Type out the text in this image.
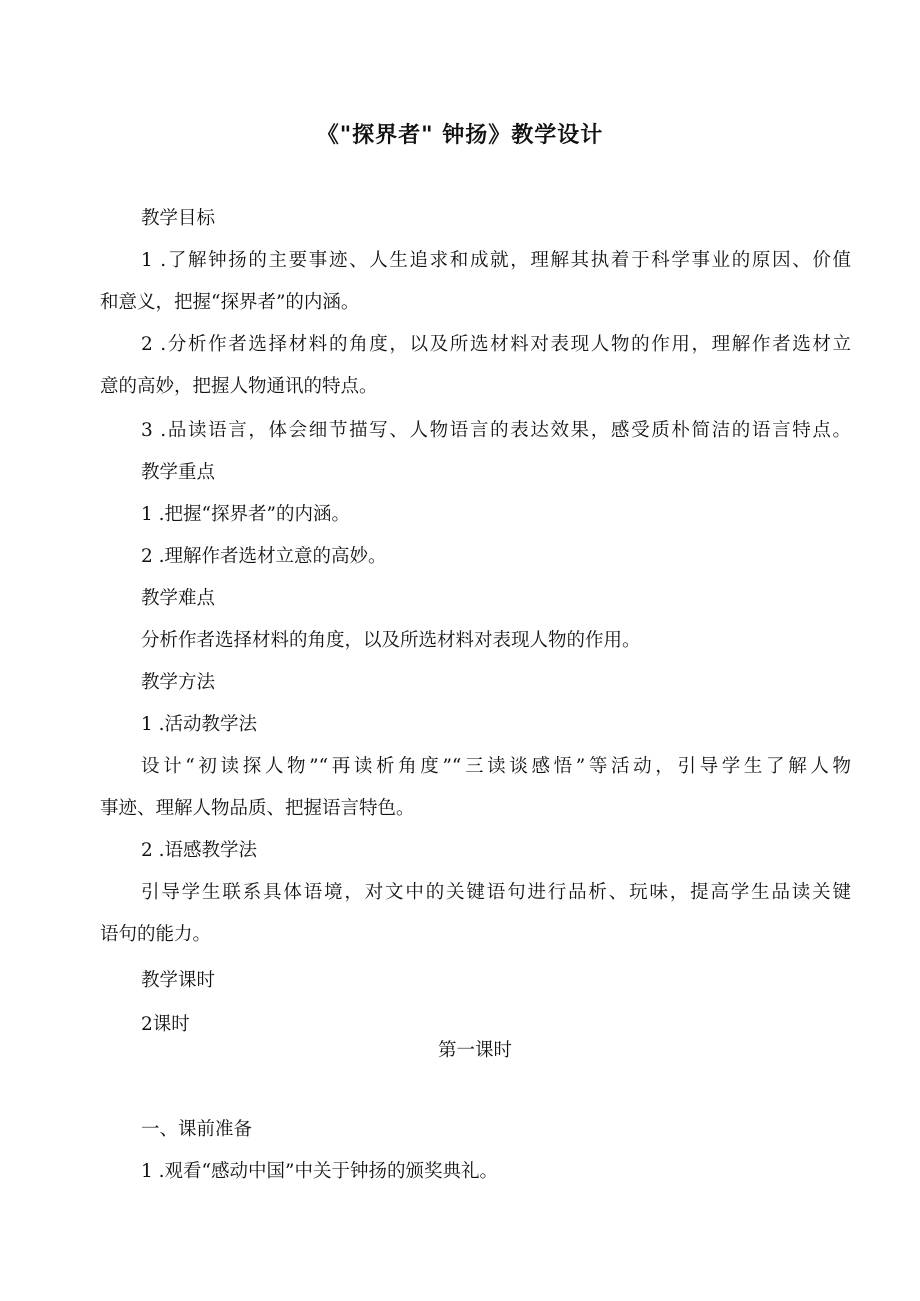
《"探界者" 钟扬》教学设计
教学目标
1 .了解钟扬的主要事迹、人生追求和成就，理解其执着于科学事业的原因、价值
和意义，把握“探界者”的内涵。
2 .分析作者选择材料的角度，以及所选材料对表现人物的作用，理解作者选材立
意的高妙，把握人物通讯的特点。
3 .品读语言，体会细节描写、人物语言的表达效果，感受质朴简洁的语言特点。
教学重点
1 .把握“探界者”的内涵。
2 .理解作者选材立意的高妙。
教学难点
分析作者选择材料的角度，以及所选材料对表现人物的作用。
教学方法
1 .活动教学法
设计“初读探人物”“再读析角度”“三读谈感悟”等活动，引导学生了解人物
事迹、理解人物品质、把握语言特色。
2 .语感教学法
引导学生联系具体语境，对文中的关键语句进行品析、玩味，提高学生品读关键
语句的能力。
教学课时
2课时
第一课时
一、课前准备
1 .观看“感动中国”中关于钟扬的颁奖典礼。
